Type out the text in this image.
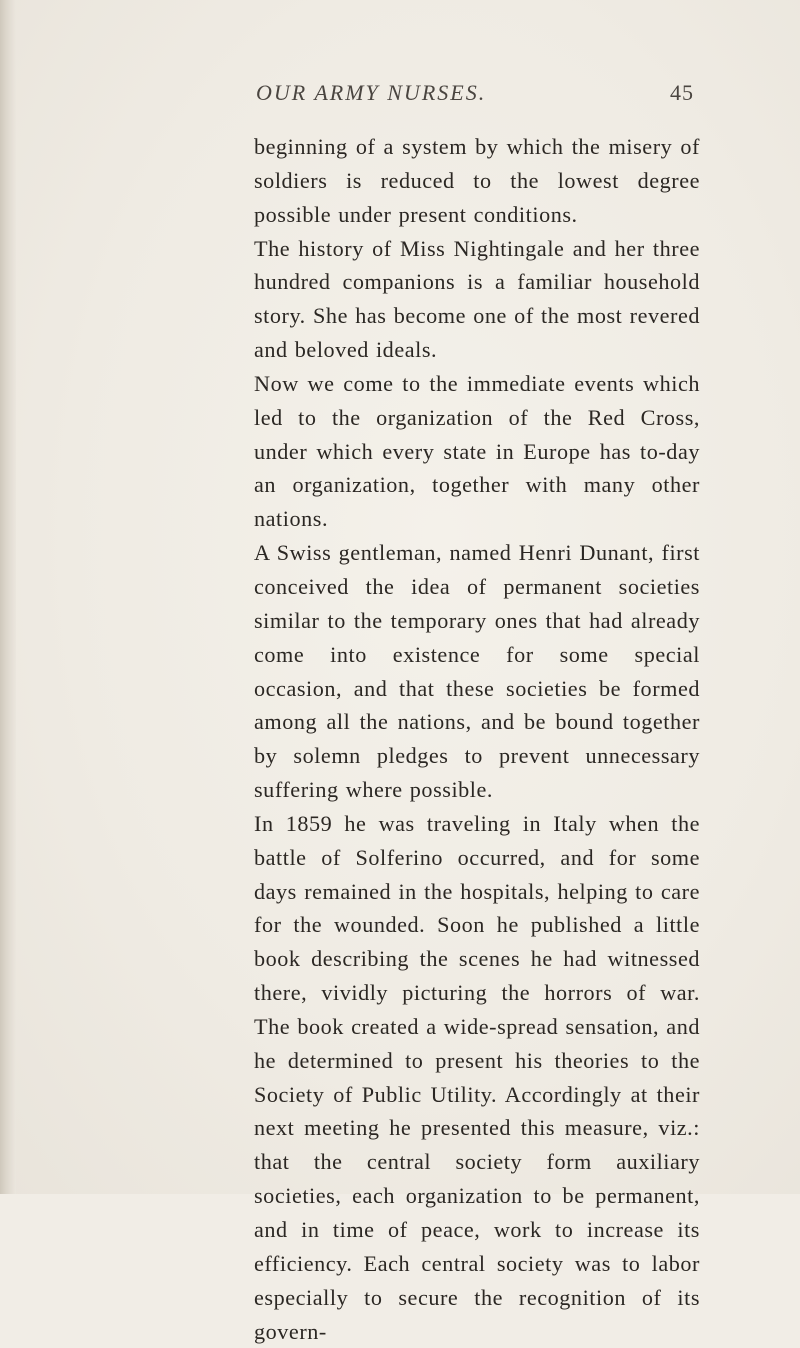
OUR ARMY NURSES.	45

beginning of a system by which the misery of soldiers is reduced to the lowest degree possible under present conditions.

The history of Miss Nightingale and her three hundred companions is a familiar household story. She has become one of the most revered and beloved ideals.

Now we come to the immediate events which led to the organization of the Red Cross, under which every state in Europe has to-day an organization, together with many other nations.

A Swiss gentleman, named Henri Dunant, first conceived the idea of permanent societies similar to the temporary ones that had already come into existence for some special occasion, and that these societies be formed among all the nations, and be bound together by solemn pledges to prevent unnecessary suffering where possible.

In 1859 he was traveling in Italy when the battle of Solferino occurred, and for some days remained in the hospitals, helping to care for the wounded. Soon he published a little book describing the scenes he had witnessed there, vividly picturing the horrors of war. The book created a wide-spread sensation, and he determined to present his theories to the Society of Public Utility. Accordingly at their next meeting he presented this measure, viz.: that the central society form auxiliary societies, each organization to be permanent, and in time of peace, work to increase its efficiency. Each central society was to labor especially to secure the recognition of its govern-
